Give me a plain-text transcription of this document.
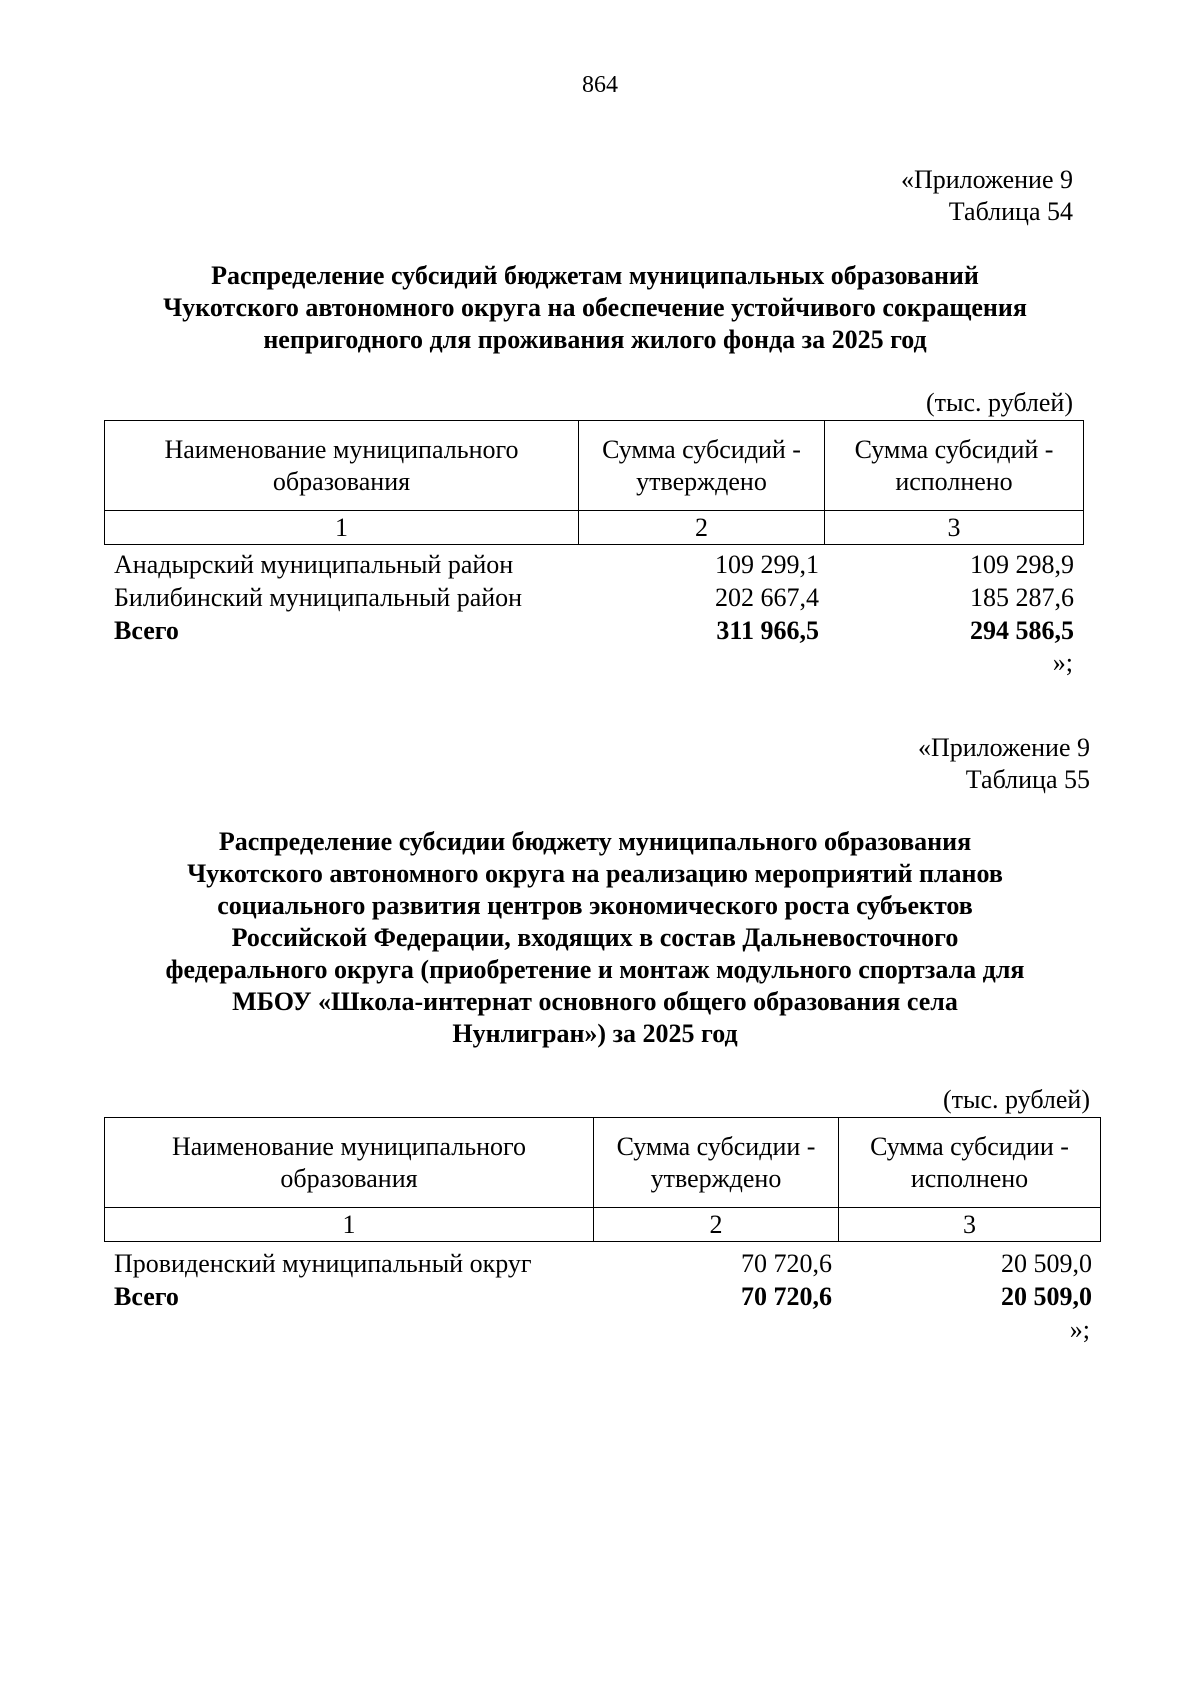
864
«Приложение 9
Таблица 54
Распределение субсидий бюджетам муниципальных образований
Чукотского автономного округа на обеспечение устойчивого сокращения
непригодного для проживания жилого фонда за 2025 год
(тыс. рублей)
Наименование муниципального образования	Сумма субсидий - утверждено	Сумма субсидий - исполнено
1	2	3
Анадырский муниципальный район	109 299,1	109 298,9
Билибинский муниципальный район	202 667,4	185 287,6
Всего	311 966,5	294 586,5
»;
«Приложение 9
Таблица 55
Распределение субсидии бюджету муниципального образования
Чукотского автономного округа на реализацию мероприятий планов
социального развития центров экономического роста субъектов
Российской Федерации, входящих в состав Дальневосточного
федерального округа (приобретение и монтаж модульного спортзала для
МБОУ «Школа-интернат основного общего образования села
Нунлигран») за 2025 год
(тыс. рублей)
Наименование муниципального образования	Сумма субсидии - утверждено	Сумма субсидии - исполнено
1	2	3
Провиденский муниципальный округ	70 720,6	20 509,0
Всего	70 720,6	20 509,0
»;
